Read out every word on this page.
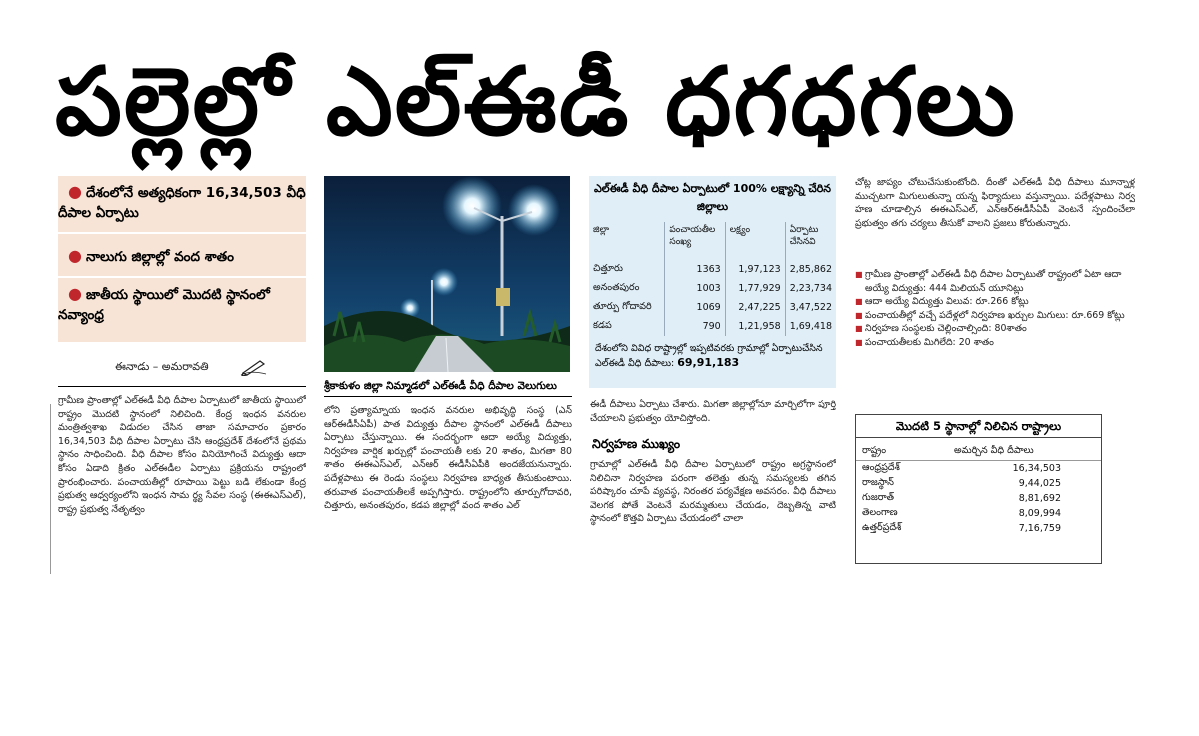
పల్లెల్లో ఎల్‌ఈడీ ధగధగలు
● దేశంలోనే అత్యధికంగా 16,34,503 వీధి దీపాల ఏర్పాటు
● నాలుగు జిల్లాల్లో వంద శాతం
● జాతీయ స్థాయిలో మొదటి స్థానంలో నవ్యాంధ్ర
ఈనాడు – అమరావతి
గ్రామీణ ప్రాంతాల్లో ఎల్‌ఈడీ వీధి దీపాల ఏర్పాటులో జాతీయ స్థాయిలో రాష్ట్రం మొదటి స్థానంలో నిలిచింది. కేంద్ర ఇంధన వనరుల మంత్రిత్వశాఖ విడుదల చేసిన తాజా సమాచారం ప్రకారం 16,34,503 వీధి దీపాల ఏర్పాటు చేసి ఆంధ్రప్రదేశ్ దేశంలోనే ప్రథమ స్థానం సాధించింది. వీధి దీపాల కోసం వినియోగించే విద్యుత్తు ఆదా కోసం ఏడాది క్రితం ఎల్‌ఈడీల ఏర్పాటు ప్రక్రియను రాష్ట్రంలో ప్రారంభించారు. పంచాయతీల్లో రూపాయి పెట్టు బడి లేకుండా కేంద్ర ప్రభుత్వ ఆధ్వర్యంలోని ఇంధన సామ ర్థ్య సేవల సంస్థ (ఈఈఎస్‌ఎల్), రాష్ట్ర ప్రభుత్వ నేతృత్వం
శ్రీకాకుళం జిల్లా నిమ్మాడలో ఎల్‌ఈడీ వీధి దీపాల వెలుగులు
లోని ప్రత్యామ్నాయ ఇంధన వనరుల అభివృద్ధి సంస్థ (ఎన్ ఆర్‌ఈడీసీఏపీ) పాత విద్యుత్తు దీపాల స్థానంలో ఎల్‌ఈడీ దీపాలు ఏర్పాటు చేస్తున్నాయి. ఈ సందర్భంగా ఆదా అయ్యే విద్యుత్తు, నిర్వహణ వార్షిక ఖర్చుల్లో పంచాయతీ లకు 20 శాతం, మిగతా 80 శాతం ఈఈఎస్‌ఎల్, ఎన్‌ఆర్ ఈడీసీఏపీకి అందజేయనున్నారు. పదేళ్లపాటు ఈ రెండు సంస్థలు నిర్వహణ బాధ్యత తీసుకుంటాయి. తరువాత పంచాయతీలకే అప్పగిస్తారు. రాష్ట్రంలోని తూర్పుగోదావరి, చిత్తూరు, అనంతపురం, కడప జిల్లాల్లో వంద శాతం ఎల్
ఎల్‌ఈడీ వీధి దీపాల ఏర్పాటులో 100% లక్ష్యాన్ని చేరిన జిల్లాలు
జిల్లా	పంచాయతీల సంఖ్య	లక్ష్యం	ఏర్పాటు చేసినవి
చిత్తూరు	1363	1,97,123	2,85,862
అనంతపురం	1003	1,77,929	2,23,734
తూర్పు గోదావరి	1069	2,47,225	3,47,522
కడప	790	1,21,958	1,69,418
దేశంలోని వివిధ రాష్ట్రాల్లో ఇప్పటివరకు గ్రామాల్లో ఏర్పాటుచేసిన ఎల్‌ఈడీ వీధి దీపాలు: 69,91,183
ఈడీ దీపాలు ఏర్పాటు చేశారు. మిగతా జిల్లాల్లోనూ మార్చిలోగా పూర్తి చేయాలని ప్రభుత్వం యోచిస్తోంది.
నిర్వహణ ముఖ్యం
గ్రామాల్లో ఎల్‌ఈడీ వీధి దీపాల ఏర్పాటులో రాష్ట్రం అగ్రస్థానంలో నిలిచినా నిర్వహణ పరంగా తలెత్తు తున్న సమస్యలకు తగిన పరిష్కారం చూపే వ్యవస్థ, నిరంతర పర్యవేక్షణ అవసరం. వీధి దీపాలు వెలగక పోతే వెంటనే మరమ్మతులు చేయడం, దెబ్బతిన్న వాటి స్థానంలో కొత్తవి ఏర్పాటు చేయడంలో చాలా
చోట్ల జాప్యం చోటుచేసుకుంటోంది. దీంతో ఎల్‌ఈడీ వీధి దీపాలు మూన్నాళ్ల ముచ్చటగా మిగులుతున్నా యన్న ఫిర్యాదులు వస్తున్నాయి. పదేళ్లపాటు నిర్వ హణ చూడాల్సిన ఈఈఎస్‌ఎల్, ఎన్‌ఆర్‌ఈడీసీఏపీ వెంటనే స్పందించేలా ప్రభుత్వం తగు చర్యలు తీసుకో వాలని ప్రజలు కోరుతున్నారు.
■ గ్రామీణ ప్రాంతాల్లో ఎల్‌ఈడీ వీధి దీపాల ఏర్పాటుతో రాష్ట్రంలో ఏటా ఆదా అయ్యే విద్యుత్తు: 444 మిలియన్ యూనిట్లు
■ ఆదా అయ్యే విద్యుత్తు విలువ: రూ.266 కోట్లు
■ పంచాయతీల్లో వచ్చే పదేళ్లలో నిర్వహణ ఖర్చుల మిగులు: రూ.669 కోట్లు
■ నిర్వహణ సంస్థలకు చెల్లించాల్సింది: 80శాతం
■ పంచాయతీలకు మిగిలేది: 20 శాతం
మొదటి 5 స్థానాల్లో నిలిచిన రాష్ట్రాలు
రాష్ట్రం	అమర్చిన వీధి దీపాలు
ఆంధ్రప్రదేశ్	16,34,503
రాజస్థాన్	9,44,025
గుజరాత్	8,81,692
తెలంగాణ	8,09,994
ఉత్తర్‌ప్రదేశ్	7,16,759
